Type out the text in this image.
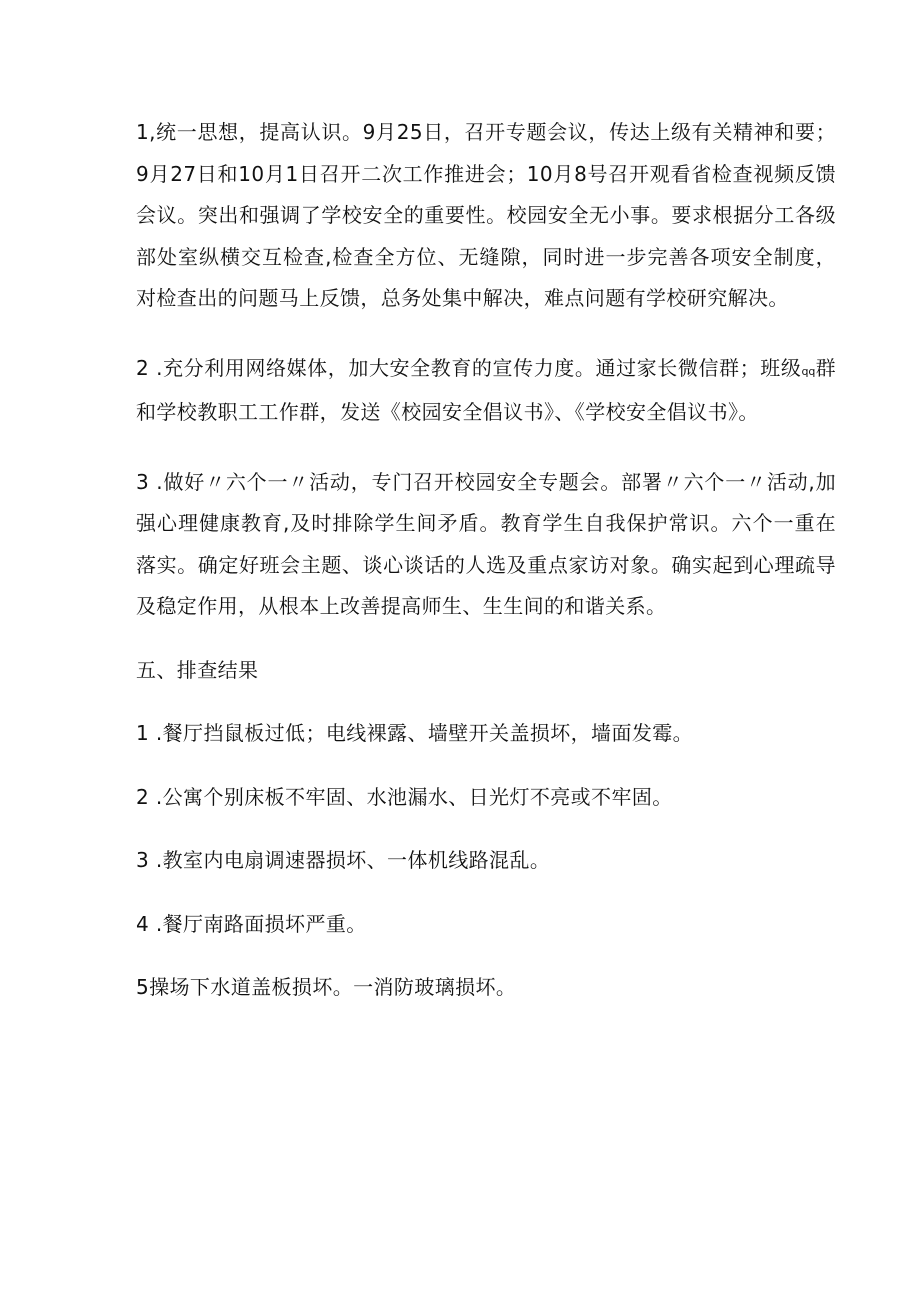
1,统一思想，提高认识。9月25日，召开专题会议，传达上级有关精神和要；9月27日和10月1日召开二次工作推进会；10月8号召开观看省检查视频反馈会议。突出和强调了学校安全的重要性。校园安全无小事。要求根据分工各级部处室纵横交互检查,检查全方位、无缝隙，同时进一步完善各项安全制度，对检查出的问题马上反馈，总务处集中解决，难点问题有学校研究解决。

2 .充分利用网络媒体，加大安全教育的宣传力度。通过家长微信群；班级qq群和学校教职工工作群，发送《校园安全倡议书》、《学校安全倡议书》。

3 .做好〃六个一〃活动，专门召开校园安全专题会。部署〃六个一〃活动,加强心理健康教育,及时排除学生间矛盾。教育学生自我保护常识。六个一重在落实。确定好班会主题、谈心谈话的人选及重点家访对象。确实起到心理疏导及稳定作用，从根本上改善提高师生、生生间的和谐关系。

五、排查结果

1 .餐厅挡鼠板过低；电线裸露、墙壁开关盖损坏，墙面发霉。

2 .公寓个别床板不牢固、水池漏水、日光灯不亮或不牢固。

3 .教室内电扇调速器损坏、一体机线路混乱。

4 .餐厅南路面损坏严重。

5操场下水道盖板损坏。一消防玻璃损坏。
